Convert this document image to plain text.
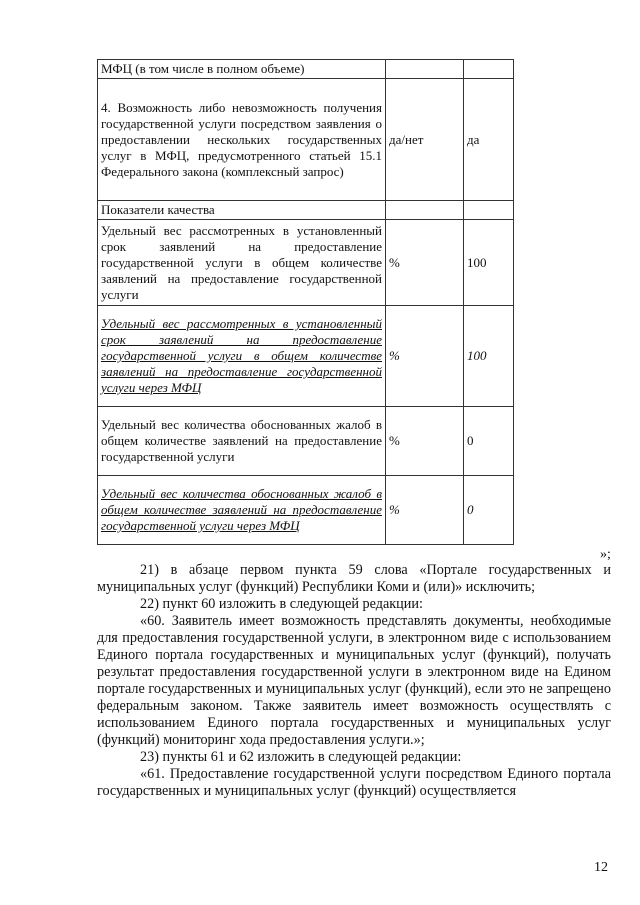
МФЦ (в том числе в полном объеме)		
4. Возможность либо невозможность получения государственной услуги посредством заявления о предоставлении нескольких государственных услуг в МФЦ, предусмотренного статьей 15.1 Федерального закона (комплексный запрос)	да/нет	да
Показатели качества		
Удельный вес рассмотренных в установленный срок заявлений на предоставление государственной услуги в общем количестве заявлений на предоставление государственной услуги	%	100
Удельный вес рассмотренных в установленный срок заявлений на предоставление государственной услуги в общем количестве заявлений на предоставление государственной услуги через МФЦ	%	100
Удельный вес количества обоснованных жалоб в общем количестве заявлений на предоставление государственной услуги	%	0
Удельный вес количества обоснованных жалоб в общем количестве заявлений на предоставление государственной услуги через МФЦ	%	0
»;

21) в абзаце первом пункта 59 слова «Портале государственных и муниципальных услуг (функций) Республики Коми и (или)» исключить;

22) пункт 60 изложить в следующей редакции:

«60. Заявитель имеет возможность представлять документы, необходимые для предоставления государственной услуги, в электронном виде с использованием Единого портала государственных и муниципальных услуг (функций), получать результат предоставления государственной услуги в электронном виде на Едином портале государственных и муниципальных услуг (функций), если это не запрещено федеральным законом. Также заявитель имеет возможность осуществлять с использованием Единого портала государственных и муниципальных услуг (функций) мониторинг хода предоставления услуги.»;

23) пункты 61 и 62 изложить в следующей редакции:

«61. Предоставление государственной услуги посредством Единого портала государственных и муниципальных услуг (функций) осуществляется

12
